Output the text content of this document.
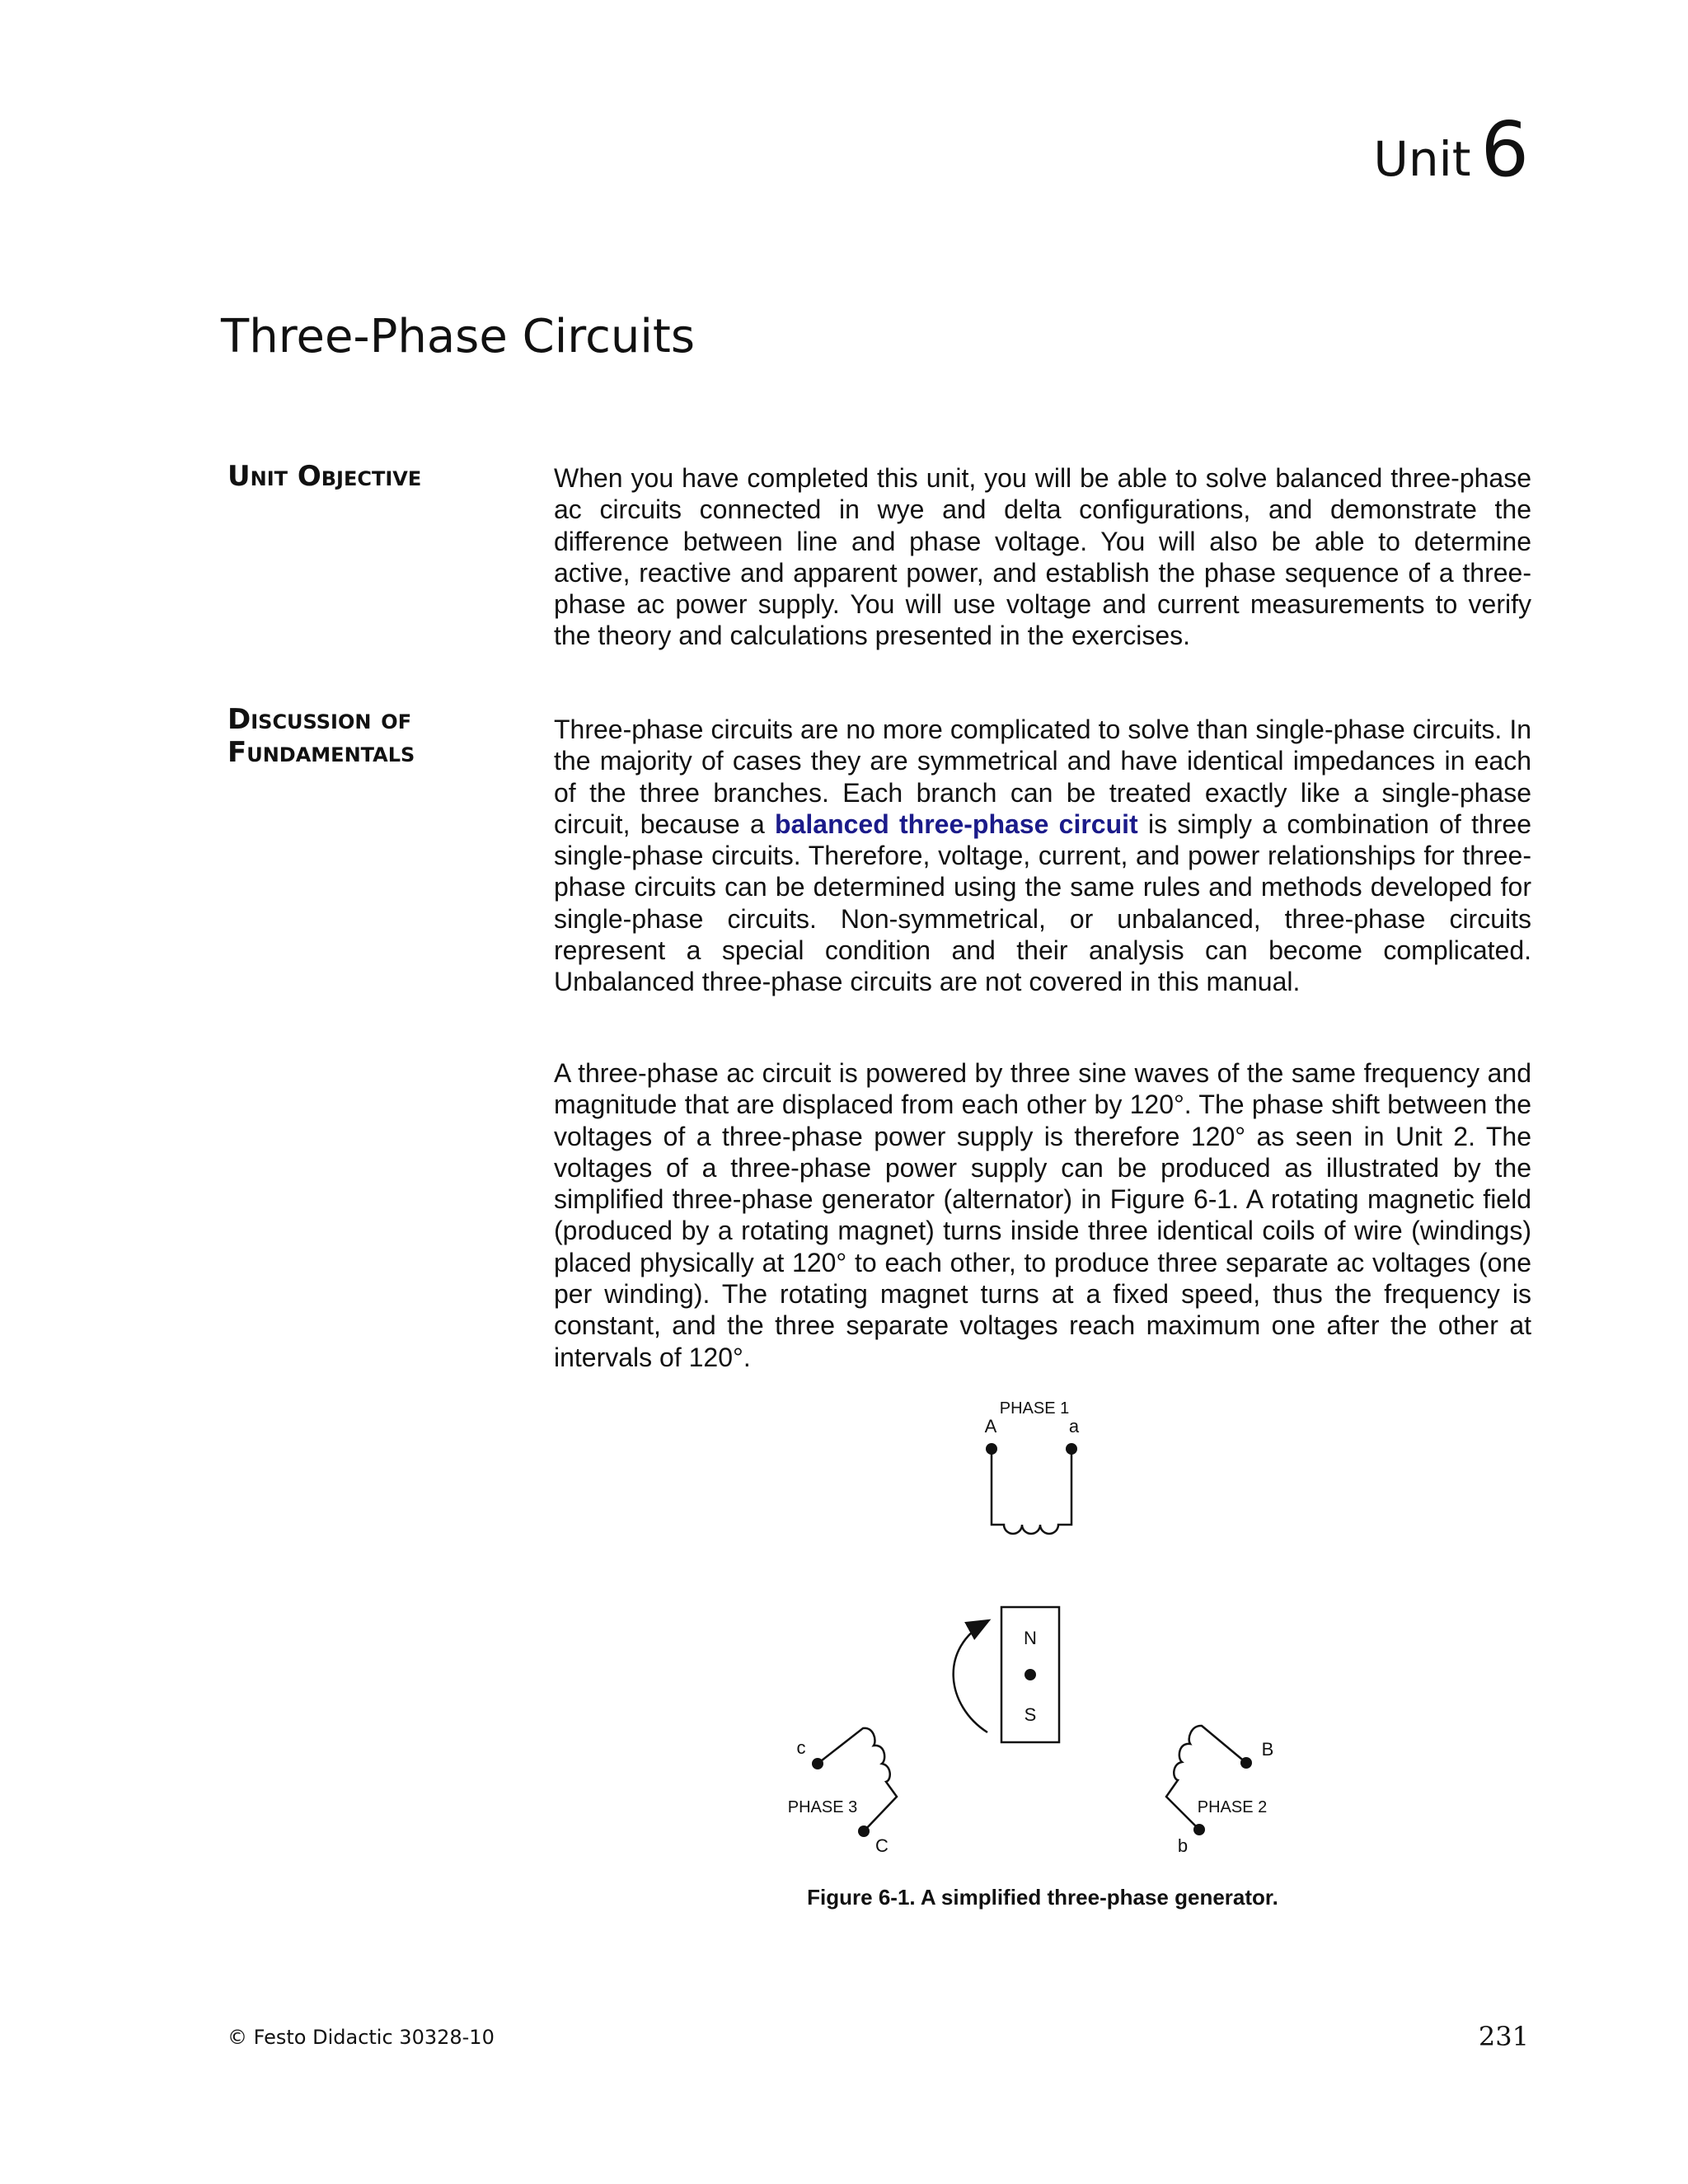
Unit 6
Three-Phase Circuits
Unit Objective	When you have completed this unit, you will be able to solve balanced three-phase ac circuits connected in wye and delta configurations, and demonstrate the difference between line and phase voltage. You will also be able to determine active, reactive and apparent power, and establish the phase sequence of a three-phase ac power supply. You will use voltage and current measurements to verify the theory and calculations presented in the exercises.

Discussion of
Fundamentals

Three-phase circuits are no more complicated to solve than single-phase circuits. In the majority of cases they are symmetrical and have identical impedances in each of the three branches. Each branch can be treated exactly like a single-phase circuit, because a balanced three-phase circuit is simply a combination of three single-phase circuits. Therefore, voltage, current, and power relationships for three-phase circuits can be determined using the same rules and methods developed for single-phase circuits. Non-symmetrical, or unbalanced, three-phase circuits represent a special condition and their analysis can become complicated. Unbalanced three-phase circuits are not covered in this manual.

A three-phase ac circuit is powered by three sine waves of the same frequency and magnitude that are displaced from each other by 120°. The phase shift between the voltages of a three-phase power supply is therefore 120° as seen in Unit 2. The voltages of a three-phase power supply can be produced as illustrated by the simplified three-phase generator (alternator) in Figure 6-1. A rotating magnetic field (produced by a rotating magnet) turns inside three identical coils of wire (windings) placed physically at 120° to each other, to produce three separate ac voltages (one per winding). The rotating magnet turns at a fixed speed, thus the frequency is constant, and the three separate voltages reach maximum one after the other at intervals of 120°.

PHASE 1
A	a
N
S
c
PHASE 3
C
B
PHASE 2
b
Figure 6-1. A simplified three-phase generator.
© Festo Didactic 30328-10	231
